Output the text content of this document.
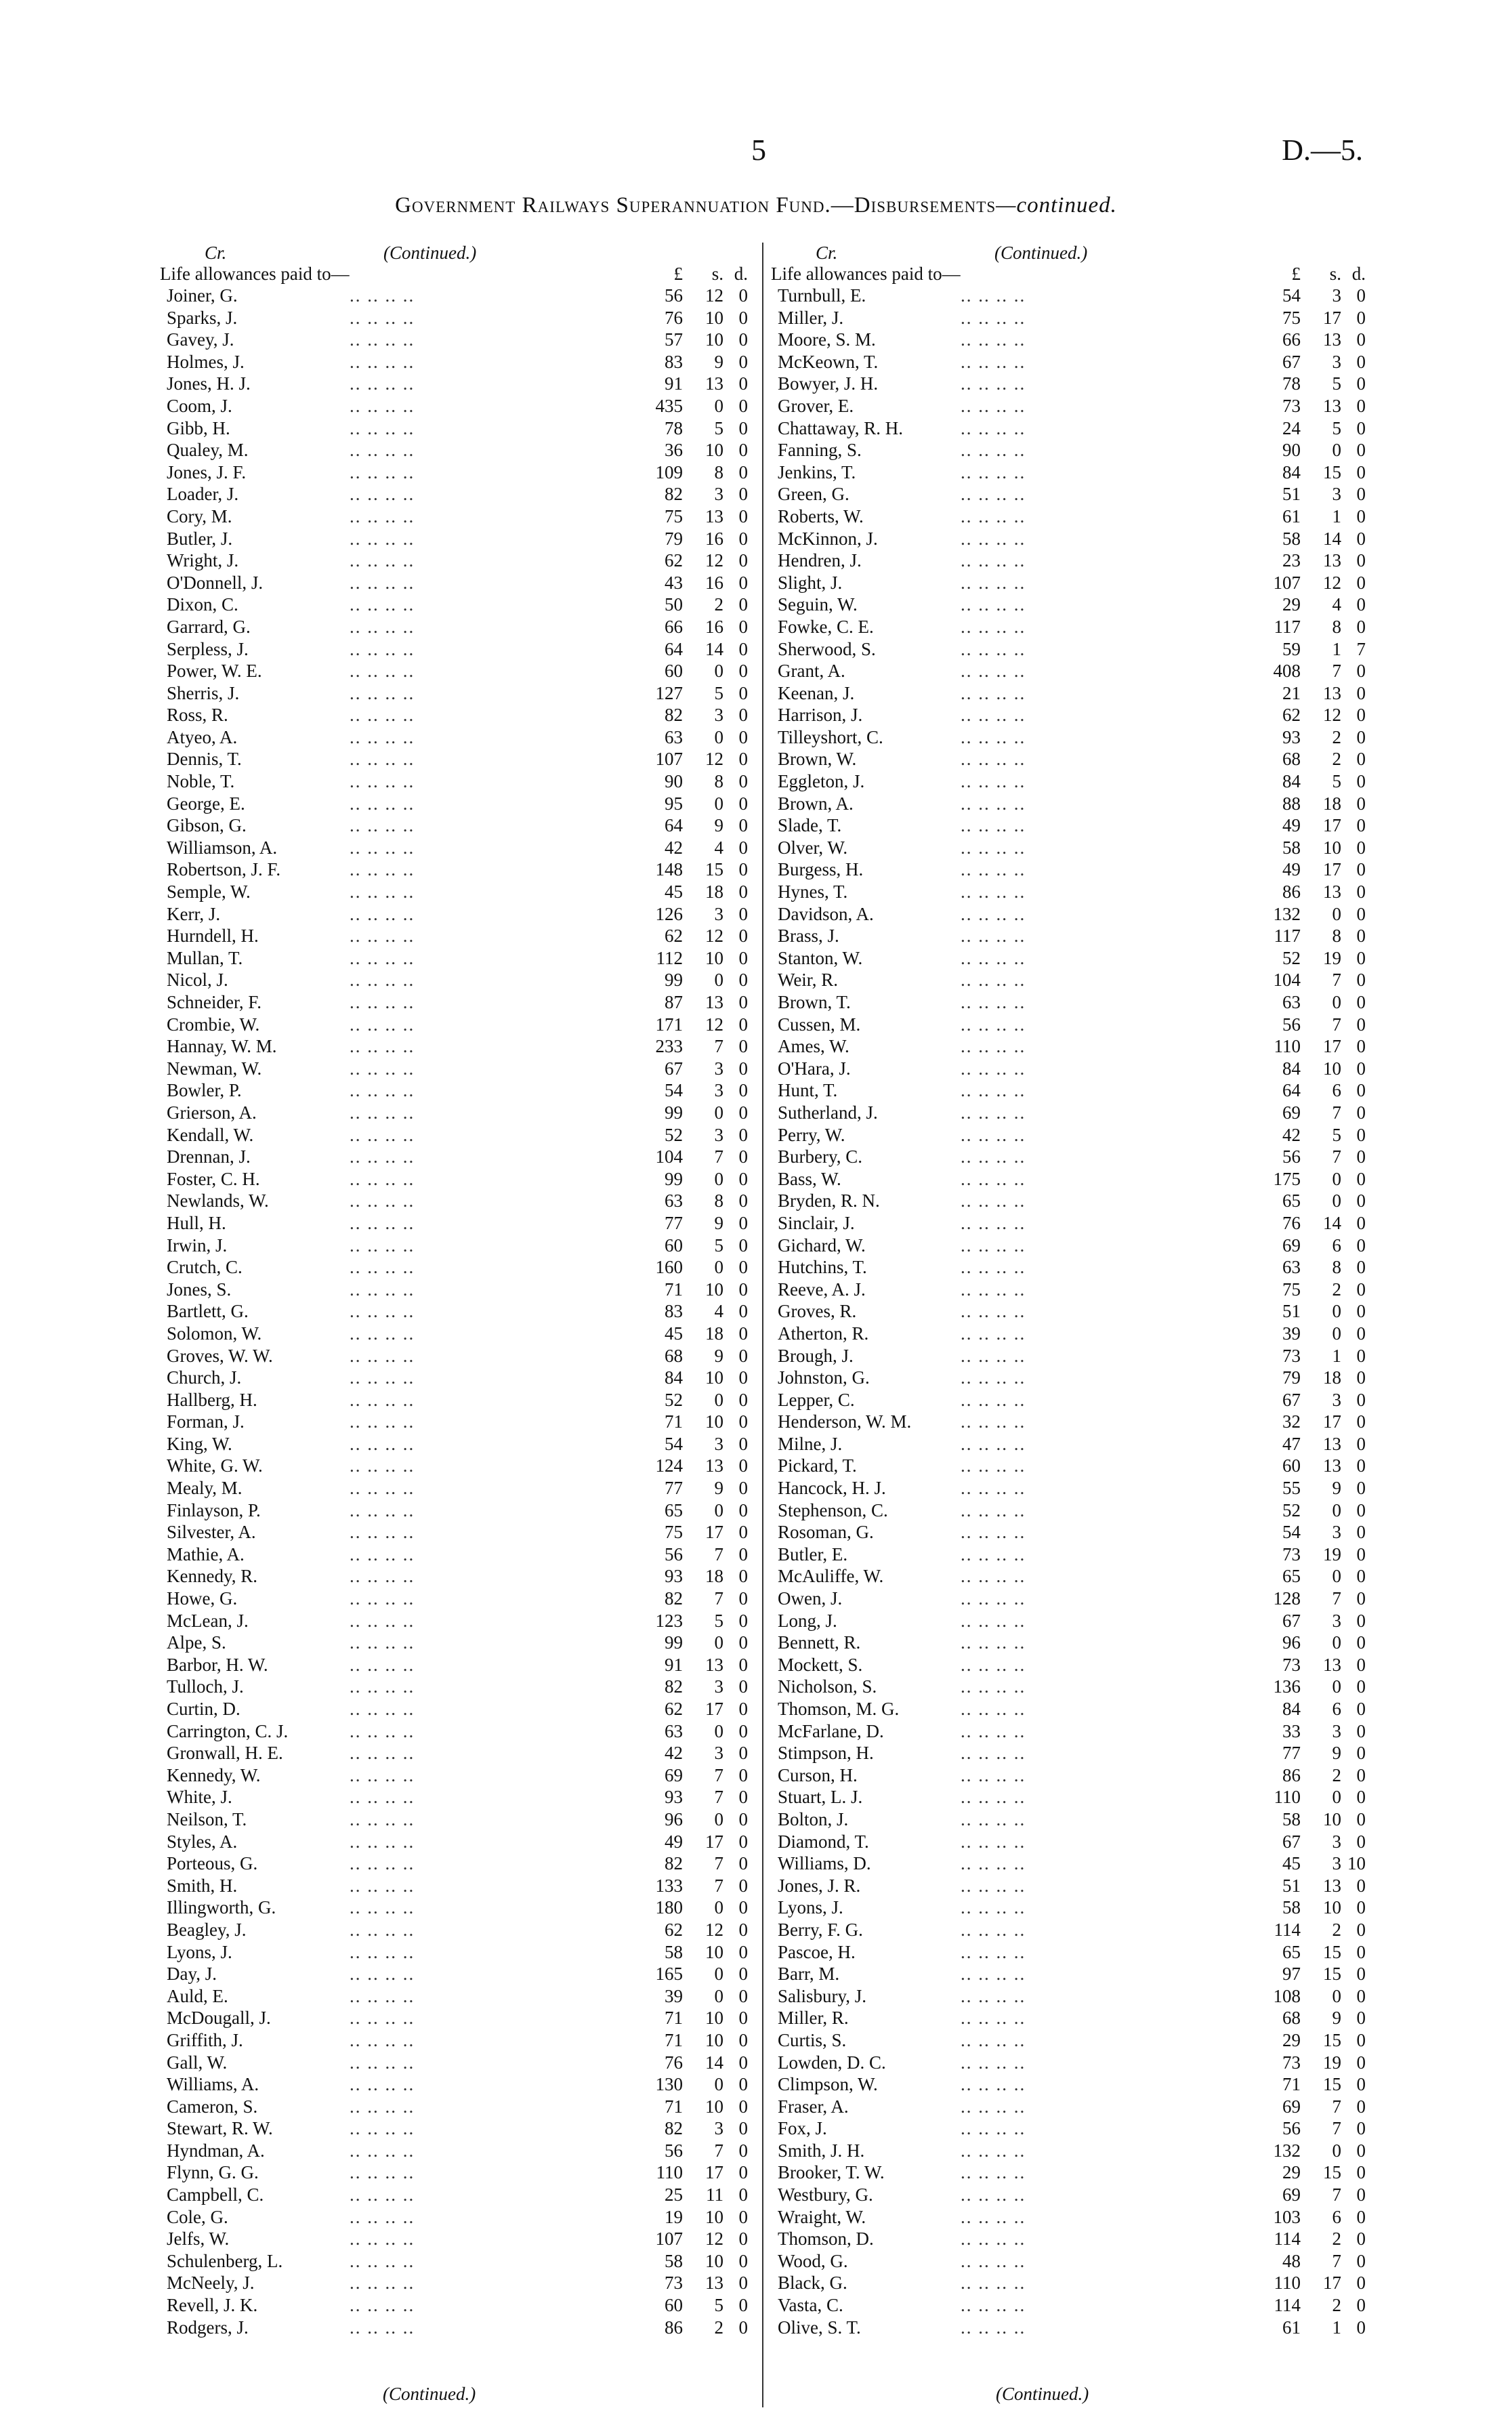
5	D.—5.
Government Railways Superannuation Fund.—Disbursements—continued.
Cr.	(Continued.)
Life allowances paid to—	£	s. d.
Joiner, G.	.. .. .. ..	56	12 0
Sparks, J.	.. .. .. ..	76	10 0
Gavey, J.	.. .. .. ..	57	10 0
Holmes, J.	.. .. .. ..	83	9 0
Jones, H. J.	.. .. .. ..	91	13 0
Coom, J.	.. .. .. ..	435	0 0
Gibb, H.	.. .. .. ..	78	5 0
Qualey, M.	.. .. .. ..	36	10 0
Jones, J. F.	.. .. .. ..	109	8 0
Loader, J.	.. .. .. ..	82	3 0
Cory, M.	.. .. .. ..	75	13 0
Butler, J.	.. .. .. ..	79	16 0
Wright, J.	.. .. .. ..	62	12 0
O'Donnell, J.	.. .. .. ..	43	16 0
Dixon, C.	.. .. .. ..	50	2 0
Garrard, G.	.. .. .. ..	66	16 0
Serpless, J.	.. .. .. ..	64	14 0
Power, W. E.	.. .. .. ..	60	0 0
Sherris, J.	.. .. .. ..	127	5 0
Ross, R.	.. .. .. ..	82	3 0
Atyeo, A.	.. .. .. ..	63	0 0
Dennis, T.	.. .. .. ..	107	12 0
Noble, T.	.. .. .. ..	90	8 0
George, E.	.. .. .. ..	95	0 0
Gibson, G.	.. .. .. ..	64	9 0
Williamson, A.	.. .. .. ..	42	4 0
Robertson, J. F.	.. .. .. ..	148	15 0
Semple, W.	.. .. .. ..	45	18 0
Kerr, J.	.. .. .. ..	126	3 0
Hurndell, H.	.. .. .. ..	62	12 0
Mullan, T.	.. .. .. ..	112	10 0
Nicol, J.	.. .. .. ..	99	0 0
Schneider, F.	.. .. .. ..	87	13 0
Crombie, W.	.. .. .. ..	171	12 0
Hannay, W. M.	.. .. .. ..	233	7 0
Newman, W.	.. .. .. ..	67	3 0
Bowler, P.	.. .. .. ..	54	3 0
Grierson, A.	.. .. .. ..	99	0 0
Kendall, W.	.. .. .. ..	52	3 0
Drennan, J.	.. .. .. ..	104	7 0
Foster, C. H.	.. .. .. ..	99	0 0
Newlands, W.	.. .. .. ..	63	8 0
Hull, H.	.. .. .. ..	77	9 0
Irwin, J.	.. .. .. ..	60	5 0
Crutch, C.	.. .. .. ..	160	0 0
Jones, S.	.. .. .. ..	71	10 0
Bartlett, G.	.. .. .. ..	83	4 0
Solomon, W.	.. .. .. ..	45	18 0
Groves, W. W.	.. .. .. ..	68	9 0
Church, J.	.. .. .. ..	84	10 0
Hallberg, H.	.. .. .. ..	52	0 0
Forman, J.	.. .. .. ..	71	10 0
King, W.	.. .. .. ..	54	3 0
White, G. W.	.. .. .. ..	124	13 0
Mealy, M.	.. .. .. ..	77	9 0
Finlayson, P.	.. .. .. ..	65	0 0
Silvester, A.	.. .. .. ..	75	17 0
Mathie, A.	.. .. .. ..	56	7 0
Kennedy, R.	.. .. .. ..	93	18 0
Howe, G.	.. .. .. ..	82	7 0
McLean, J.	.. .. .. ..	123	5 0
Alpe, S.	.. .. .. ..	99	0 0
Barbor, H. W.	.. .. .. ..	91	13 0
Tulloch, J.	.. .. .. ..	82	3 0
Curtin, D.	.. .. .. ..	62	17 0
Carrington, C. J.	.. .. .. ..	63	0 0
Gronwall, H. E.	.. .. .. ..	42	3 0
Kennedy, W.	.. .. .. ..	69	7 0
White, J.	.. .. .. ..	93	7 0
Neilson, T.	.. .. .. ..	96	0 0
Styles, A.	.. .. .. ..	49	17 0
Porteous, G.	.. .. .. ..	82	7 0
Smith, H.	.. .. .. ..	133	7 0
Illingworth, G.	.. .. .. ..	180	0 0
Beagley, J.	.. .. .. ..	62	12 0
Lyons, J.	.. .. .. ..	58	10 0
Day, J.	.. .. .. ..	165	0 0
Auld, E.	.. .. .. ..	39	0 0
McDougall, J.	.. .. .. ..	71	10 0
Griffith, J.	.. .. .. ..	71	10 0
Gall, W.	.. .. .. ..	76	14 0
Williams, A.	.. .. .. ..	130	0 0
Cameron, S.	.. .. .. ..	71	10 0
Stewart, R. W.	.. .. .. ..	82	3 0
Hyndman, A.	.. .. .. ..	56	7 0
Flynn, G. G.	.. .. .. ..	110	17 0
Campbell, C.	.. .. .. ..	25	11 0
Cole, G.	.. .. .. ..	19	10 0
Jelfs, W.	.. .. .. ..	107	12 0
Schulenberg, L.	.. .. .. ..	58	10 0
McNeely, J.	.. .. .. ..	73	13 0
Revell, J. K.	.. .. .. ..	60	5 0
Rodgers, J.	.. .. .. ..	86	2 0
Cr.	(Continued.)
Life allowances paid to—	£	s. d.
Turnbull, E.	.. .. .. ..	54	3 0
Miller, J.	.. .. .. ..	75	17 0
Moore, S. M.	.. .. .. ..	66	13 0
McKeown, T.	.. .. .. ..	67	3 0
Bowyer, J. H.	.. .. .. ..	78	5 0
Grover, E.	.. .. .. ..	73	13 0
Chattaway, R. H.	.. .. .. ..	24	5 0
Fanning, S.	.. .. .. ..	90	0 0
Jenkins, T.	.. .. .. ..	84	15 0
Green, G.	.. .. .. ..	51	3 0
Roberts, W.	.. .. .. ..	61	1 0
McKinnon, J.	.. .. .. ..	58	14 0
Hendren, J.	.. .. .. ..	23	13 0
Slight, J.	.. .. .. ..	107	12 0
Seguin, W.	.. .. .. ..	29	4 0
Fowke, C. E.	.. .. .. ..	117	8 0
Sherwood, S.	.. .. .. ..	59	1 7
Grant, A.	.. .. .. ..	408	7 0
Keenan, J.	.. .. .. ..	21	13 0
Harrison, J.	.. .. .. ..	62	12 0
Tilleyshort, C.	.. .. .. ..	93	2 0
Brown, W.	.. .. .. ..	68	2 0
Eggleton, J.	.. .. .. ..	84	5 0
Brown, A.	.. .. .. ..	88	18 0
Slade, T.	.. .. .. ..	49	17 0
Olver, W.	.. .. .. ..	58	10 0
Burgess, H.	.. .. .. ..	49	17 0
Hynes, T.	.. .. .. ..	86	13 0
Davidson, A.	.. .. .. ..	132	0 0
Brass, J.	.. .. .. ..	117	8 0
Stanton, W.	.. .. .. ..	52	19 0
Weir, R.	.. .. .. ..	104	7 0
Brown, T.	.. .. .. ..	63	0 0
Cussen, M.	.. .. .. ..	56	7 0
Ames, W.	.. .. .. ..	110	17 0
O'Hara, J.	.. .. .. ..	84	10 0
Hunt, T.	.. .. .. ..	64	6 0
Sutherland, J.	.. .. .. ..	69	7 0
Perry, W.	.. .. .. ..	42	5 0
Burbery, C.	.. .. .. ..	56	7 0
Bass, W.	.. .. .. ..	175	0 0
Bryden, R. N.	.. .. .. ..	65	0 0
Sinclair, J.	.. .. .. ..	76	14 0
Gichard, W.	.. .. .. ..	69	6 0
Hutchins, T.	.. .. .. ..	63	8 0
Reeve, A. J.	.. .. .. ..	75	2 0
Groves, R.	.. .. .. ..	51	0 0
Atherton, R.	.. .. .. ..	39	0 0
Brough, J.	.. .. .. ..	73	1 0
Johnston, G.	.. .. .. ..	79	18 0
Lepper, C.	.. .. .. ..	67	3 0
Henderson, W. M.	.. .. .. ..	32	17 0
Milne, J.	.. .. .. ..	47	13 0
Pickard, T.	.. .. .. ..	60	13 0
Hancock, H. J.	.. .. .. ..	55	9 0
Stephenson, C.	.. .. .. ..	52	0 0
Rosoman, G.	.. .. .. ..	54	3 0
Butler, E.	.. .. .. ..	73	19 0
McAuliffe, W.	.. .. .. ..	65	0 0
Owen, J.	.. .. .. ..	128	7 0
Long, J.	.. .. .. ..	67	3 0
Bennett, R.	.. .. .. ..	96	0 0
Mockett, S.	.. .. .. ..	73	13 0
Nicholson, S.	.. .. .. ..	136	0 0
Thomson, M. G.	.. .. .. ..	84	6 0
McFarlane, D.	.. .. .. ..	33	3 0
Stimpson, H.	.. .. .. ..	77	9 0
Curson, H.	.. .. .. ..	86	2 0
Stuart, L. J.	.. .. .. ..	110	0 0
Bolton, J.	.. .. .. ..	58	10 0
Diamond, T.	.. .. .. ..	67	3 0
Williams, D.	.. .. .. ..	45	3 10
Jones, J. R.	.. .. .. ..	51	13 0
Lyons, J.	.. .. .. ..	58	10 0
Berry, F. G.	.. .. .. ..	114	2 0
Pascoe, H.	.. .. .. ..	65	15 0
Barr, M.	.. .. .. ..	97	15 0
Salisbury, J.	.. .. .. ..	108	0 0
Miller, R.	.. .. .. ..	68	9 0
Curtis, S.	.. .. .. ..	29	15 0
Lowden, D. C.	.. .. .. ..	73	19 0
Climpson, W.	.. .. .. ..	71	15 0
Fraser, A.	.. .. .. ..	69	7 0
Fox, J.	.. .. .. ..	56	7 0
Smith, J. H.	.. .. .. ..	132	0 0
Brooker, T. W.	.. .. .. ..	29	15 0
Westbury, G.	.. .. .. ..	69	7 0
Wraight, W.	.. .. .. ..	103	6 0
Thomson, D.	.. .. .. ..	114	2 0
Wood, G.	.. .. .. ..	48	7 0
Black, G.	.. .. .. ..	110	17 0
Vasta, C.	.. .. .. ..	114	2 0
Olive, S. T.	.. .. .. ..	61	1 0
(Continued.)	(Continued.)
